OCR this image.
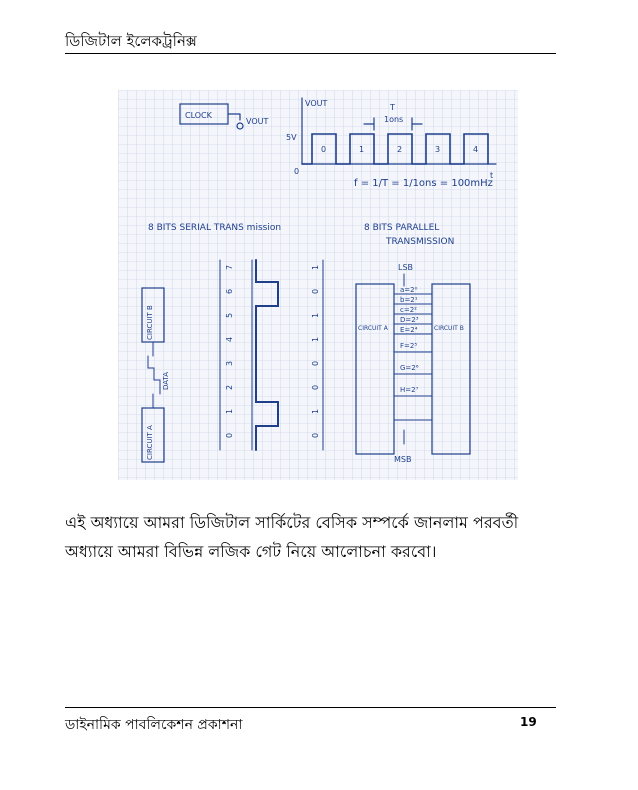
ডিজিটাল ইলেকট্রনিক্স
CLOCK
VOUT
VOUT
5V
0	t
T
1ons
0	1	2	3	4
f = 1/T = 1/1ons = 100mHz
8 BITS SERIAL TRANS mission	8 BITS PARALLEL
TRANSMISSION
CIRCUIT B
CIRCUIT A
DATA
0
1
2
3
4
5
6
7
0
1
0
0
1
1
0
1	LSB
MSB
CIRCUIT A	CIRCUIT B
a=2⁰
b=2¹
c=2²
D=2³
E=2⁴
F=2⁵
G=2⁶
H=2⁷

এই অধ্যায়ে আমরা ডিজিটাল সার্কিটের বেসিক সম্পর্কে জানলাম পরবর্তী

অধ্যায়ে আমরা বিভিন্ন লজিক গেট নিয়ে আলোচনা করবো।

ডাইনামিক পাবলিকেশন প্রকাশনা	19
